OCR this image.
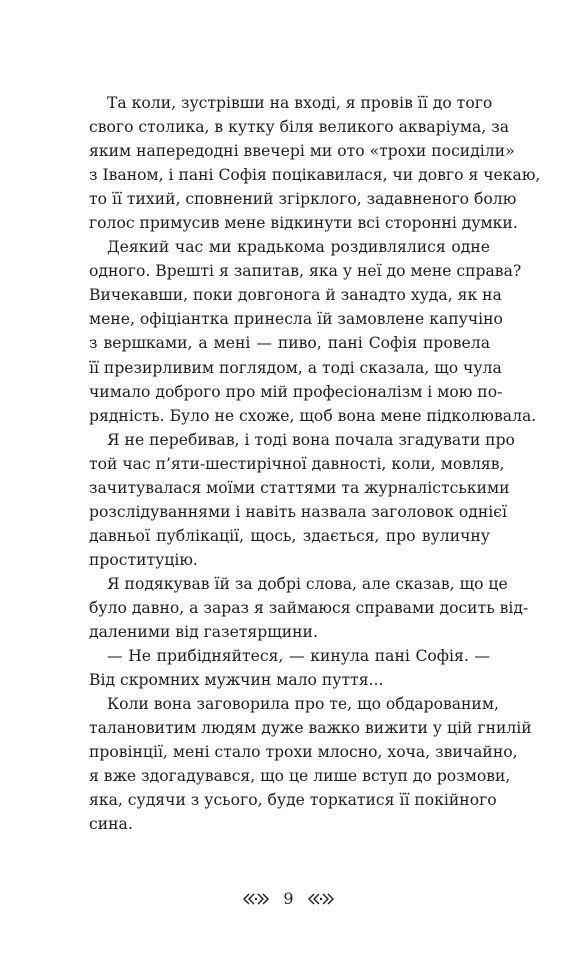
Та коли, зустрівши на вході, я провів її до того
свого столика, в кутку біля великого акваріума, за
яким напередодні ввечері ми ото «трохи посиділи»
з Іваном, і пані Софія поцікавилася, чи довго я чекаю,
то її тихий, сповнений згірклого, задавненого болю
голос примусив мене відкинути всі сторонні думки.
Деякий час ми крадькома роздивлялися одне
одного. Врешті я запитав, яка у неї до мене справа?
Вичекавши, поки довгонога й занадто худа, як на
мене, офіціантка принесла їй замовлене капучіно
з вершками, а мені — пиво, пані Софія провела
її презирливим поглядом, а тоді сказала, що чула
чимало доброго про мій професіоналізм і мою по-
рядність. Було не схоже, щоб вона мене підколювала.
Я не перебивав, і тоді вона почала згадувати про
той час п’яти-шестирічної давності, коли, мовляв,
зачитувалася моїми статтями та журналістськими
розслідуваннями і навіть назвала заголовок однієї
давньої публікації, щось, здається, про вуличну
проституцію.
Я подякував їй за добрі слова, але сказав, що це
було давно, а зараз я займаюся справами досить від-
даленими від газетярщини.
— Не прибідняйтеся, — кинула пані Софія. —
Від скромних мужчин мало пуття...
Коли вона заговорила про те, що обдарованим,
талановитим людям дуже важко вижити у цій гнилій
провінції, мені стало трохи млосно, хоча, звичайно,
я вже здогадувався, що це лише вступ до розмови,
яка, судячи з усього, буде торкатися її покійного
сина.
9
